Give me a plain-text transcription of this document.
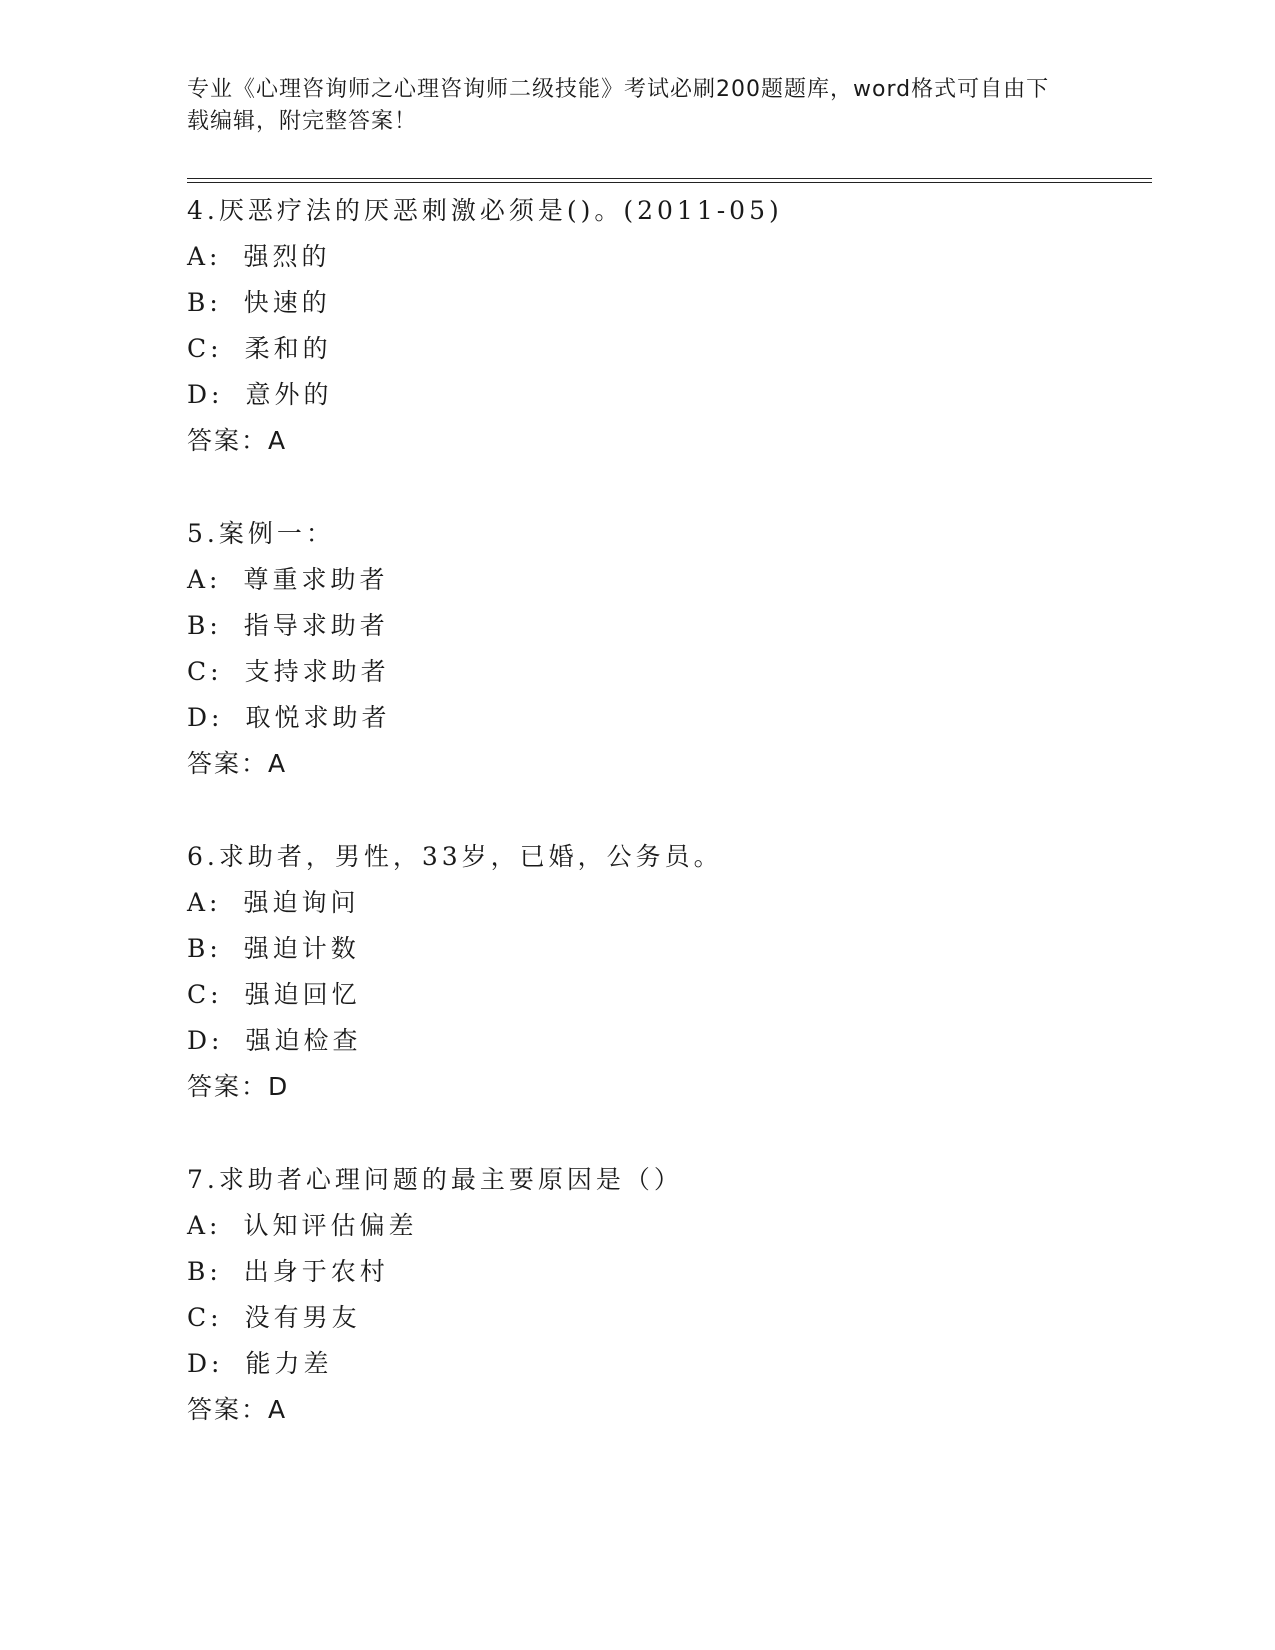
专业《心理咨询师之心理咨询师二级技能》考试必刷200题题库，word格式可自由下载编辑，附完整答案！
4.厌恶疗法的厌恶刺激必须是()。(2011-05)
A: 强烈的
B: 快速的
C: 柔和的
D: 意外的
答案：A
5.案例一：
A: 尊重求助者
B: 指导求助者
C: 支持求助者
D: 取悦求助者
答案：A
6.求助者，男性，33岁，已婚，公务员。
A: 强迫询问
B: 强迫计数
C: 强迫回忆
D: 强迫检查
答案：D
7.求助者心理问题的最主要原因是（）
A: 认知评估偏差
B: 出身于农村
C: 没有男友
D: 能力差
答案：A
